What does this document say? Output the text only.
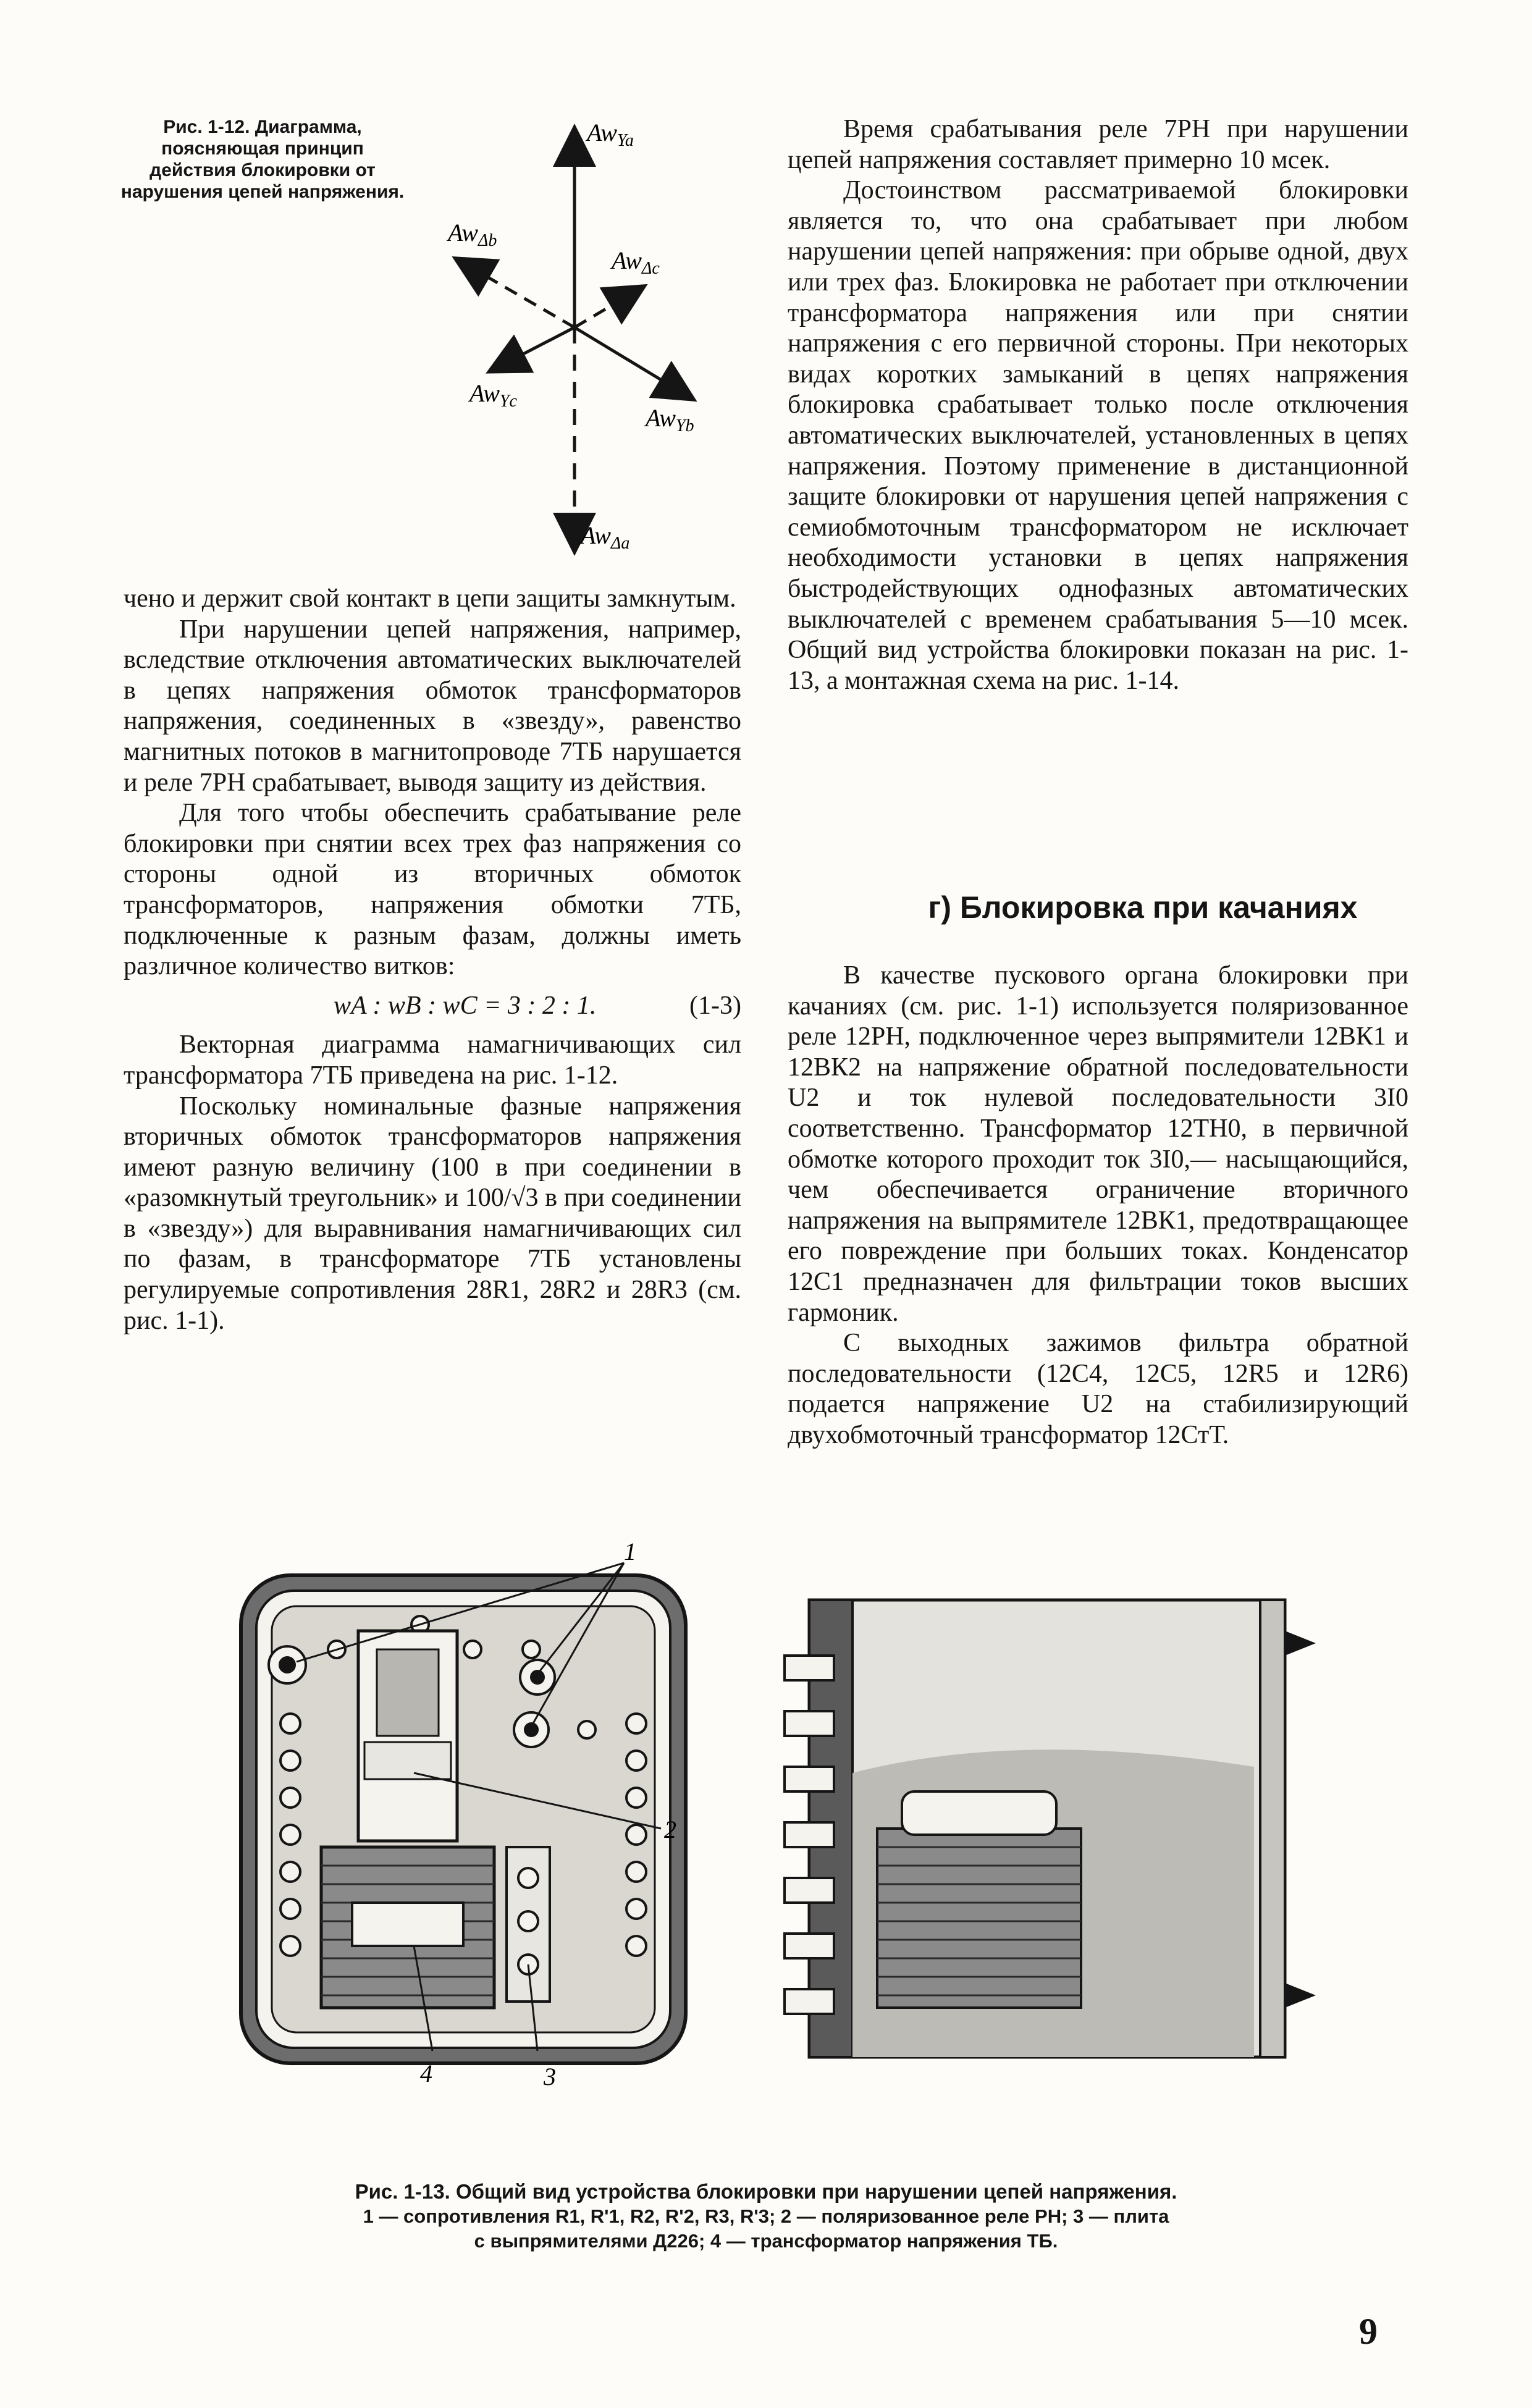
Рис. 1-12. Диаграмма, поясняющая принцип действия блокировки от нарушения цепей напряжения.
$Aw_{Ya}$
$Aw_{\Delta b}$
$Aw_{\Delta c}$
$Aw_{Yc}$
$Aw_{Yb}$
$Aw_{\Delta a}$

чено и держит свой контакт в цепи защиты замкнутым.

При нарушении цепей напряжения, например, вследствие отключения автоматических выключателей в цепях напряжения обмоток трансформаторов напряжения, соединенных в «звезду», равенство магнитных потоков в магнитопроводе 7ТБ нарушается и реле 7РН срабатывает, выводя защиту из действия.

Для того чтобы обеспечить срабатывание реле блокировки при снятии всех трех фаз напряжения со стороны одной из вторичных обмоток трансформаторов, напряжения обмотки 7ТБ, подключенные к разным фазам, должны иметь различное количество витков:

wA : wB : wC = 3 : 2 : 1.	(1-3)

Векторная диаграмма намагничивающих сил трансформатора 7ТБ приведена на рис. 1-12.

Поскольку номинальные фазные напряжения вторичных обмоток трансформаторов напряжения имеют разную величину (100 в при соединении в «разомкнутый треугольник» и 100/√3 в при соединении в «звезду») для выравнивания намагничивающих сил по фазам, в трансформаторе 7ТБ установлены регулируемые сопротивления 28R1, 28R2 и 28R3 (см. рис. 1-1).

Время срабатывания реле 7РН при нарушении цепей напряжения составляет примерно 10 мсек.

Достоинством рассматриваемой блокировки является то, что она срабатывает при любом нарушении цепей напряжения: при обрыве одной, двух или трех фаз. Блокировка не работает при отключении трансформатора напряжения или при снятии напряжения с его первичной стороны. При некоторых видах коротких замыканий в цепях напряжения блокировка срабатывает только после отключения автоматических выключателей, установленных в цепях напряжения. Поэтому применение в дистанционной защите блокировки от нарушения цепей напряжения с семиобмоточным трансформатором не исключает необходимости установки в цепях напряжения быстродействующих однофазных автоматических выключателей с временем срабатывания 5—10 мсек. Общий вид устройства блокировки показан на рис. 1-13, а монтажная схема на рис. 1-14.

г) Блокировка при качаниях

В качестве пускового органа блокировки при качаниях (см. рис. 1-1) используется поляризованное реле 12РН, подключенное через выпрямители 12ВК1 и 12ВК2 на напряжение обратной последовательности U2 и ток нулевой последовательности 3I0 соответственно. Трансформатор 12ТН0, в первичной обмотке которого проходит ток 3I0,— насыщающийся, чем обеспечивается ограничение вторичного напряжения на выпрямителе 12ВК1, предотвращающее его повреждение при больших токах. Конденсатор 12С1 предназначен для фильтрации токов высших гармоник.

С выходных зажимов фильтра обратной последовательности (12С4, 12С5, 12R5 и 12R6) подается напряжение U2 на стабилизирующий двухобмоточный трансформатор 12СтТ.

1
2
3
4
Рис. 1-13. Общий вид устройства блокировки при нарушении цепей напряжения.
1 — сопротивления R1, R'1, R2, R'2, R3, R'3; 2 — поляризованное реле РН; 3 — плита
с выпрямителями Д226; 4 — трансформатор напряжения ТБ.
9
